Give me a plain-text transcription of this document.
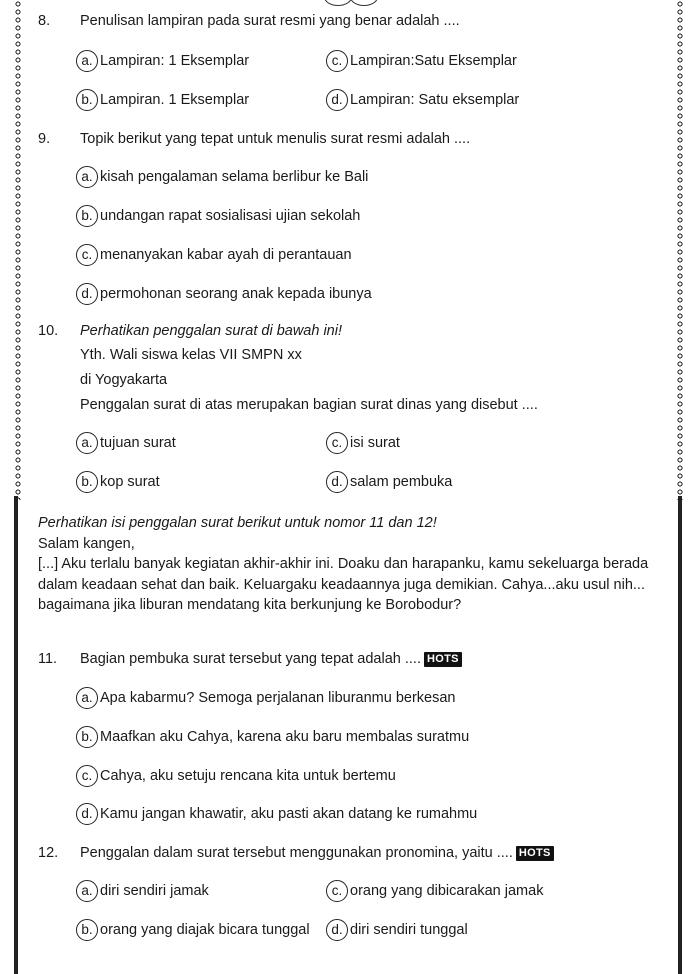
8.	Penulisan lampiran pada surat resmi yang benar adalah ....
a. Lampiran: 1 Eksemplar	c. Lampiran:Satu Eksemplar
b. Lampiran. 1 Eksemplar	d. Lampiran: Satu eksemplar
9.	Topik berikut yang tepat untuk menulis surat resmi adalah ....
a. kisah pengalaman selama berlibur ke Bali
b. undangan rapat sosialisasi ujian sekolah
c. menanyakan kabar ayah di perantauan
d. permohonan seorang anak kepada ibunya
10.	Perhatikan penggalan surat di bawah ini!
Yth. Wali siswa kelas VII SMPN xx
di Yogyakarta
Penggalan surat di atas merupakan bagian surat dinas yang disebut ....
a. tujuan surat	c. isi surat
b. kop surat	d. salam pembuka
Perhatikan isi penggalan surat berikut untuk nomor 11 dan 12!
Salam kangen,
[...] Aku terlalu banyak kegiatan akhir-akhir ini. Doaku dan harapanku, kamu sekeluarga berada
dalam keadaan sehat dan baik. Keluargaku keadaannya juga demikian. Cahya...aku usul nih...
bagaimana jika liburan mendatang kita berkunjung ke Borobodur?
11.	Bagian pembuka surat tersebut yang tepat adalah .... HOTS
a. Apa kabarmu? Semoga perjalanan liburanmu berkesan
b. Maafkan aku Cahya, karena aku baru membalas suratmu
c. Cahya, aku setuju rencana kita untuk bertemu
d. Kamu jangan khawatir, aku pasti akan datang ke rumahmu
12.	Penggalan dalam surat tersebut menggunakan pronomina, yaitu .... HOTS
a. diri sendiri jamak	c. orang yang dibicarakan jamak
b. orang yang diajak bicara tunggal	d. diri sendiri tunggal
